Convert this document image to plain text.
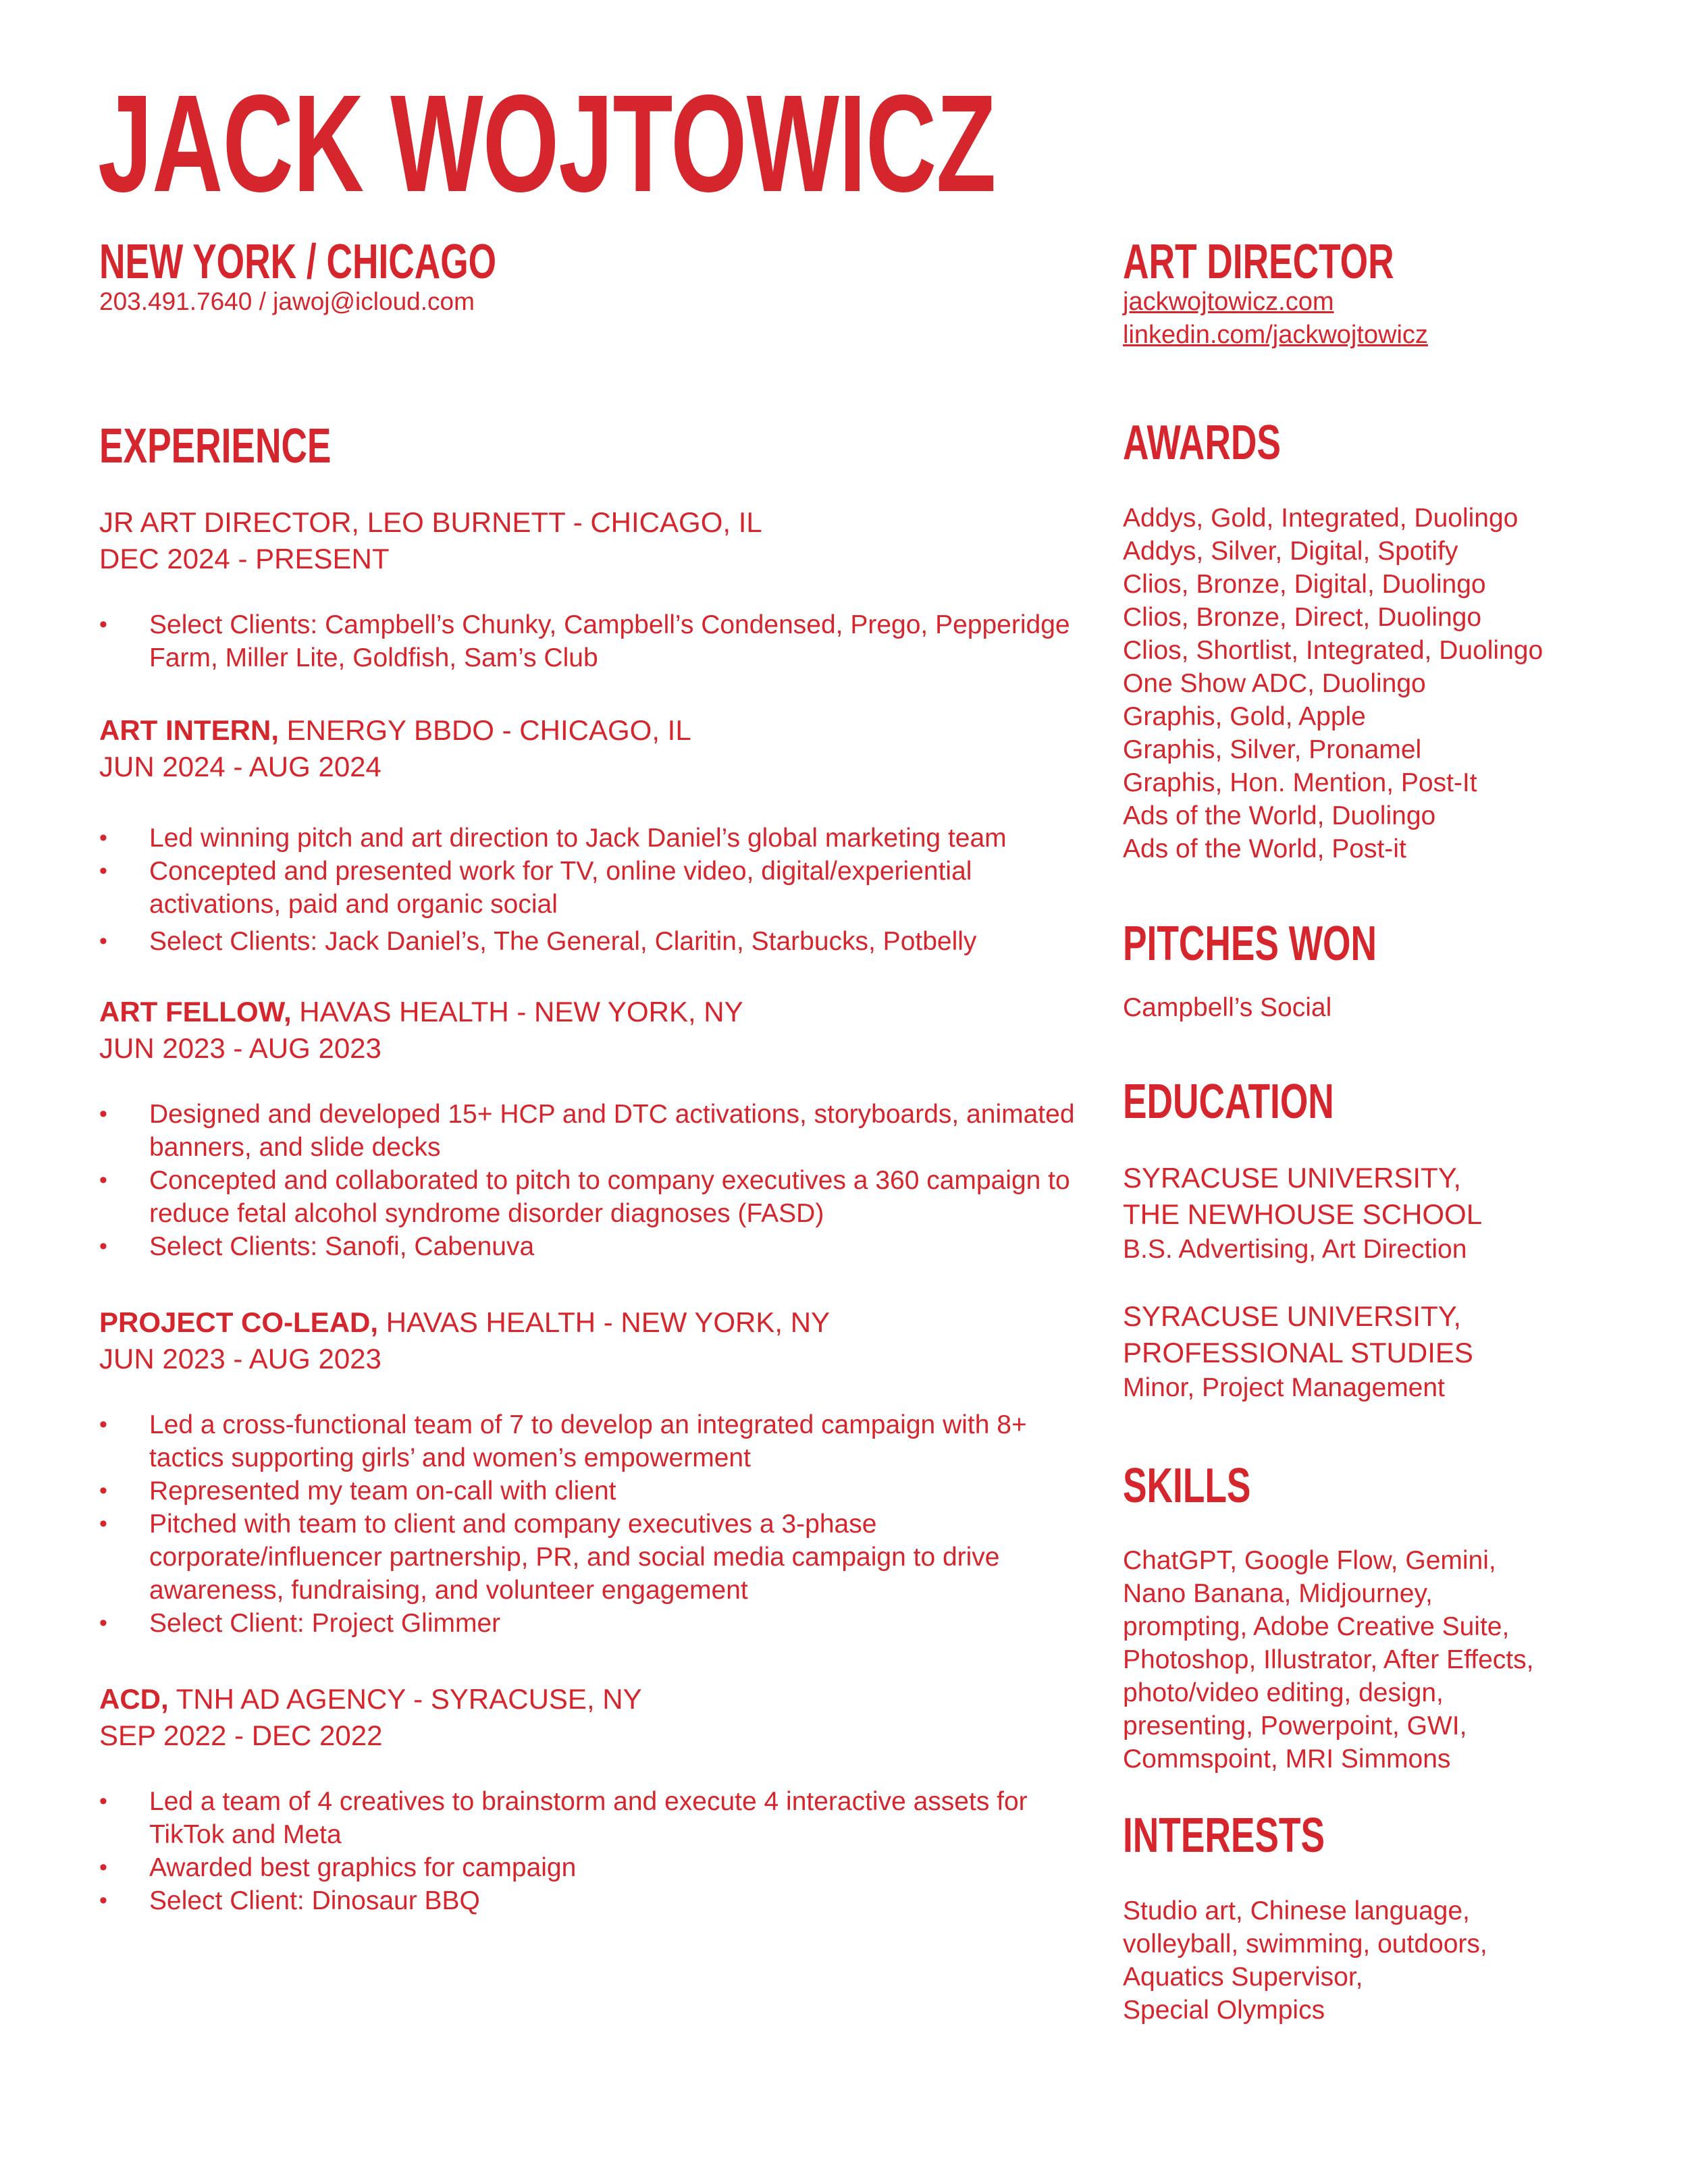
JACK WOJTOWICZ
NEW YORK / CHICAGO
203.491.7640 / jawoj@icloud.com
ART DIRECTOR
jackwojtowicz.com
linkedin.com/jackwojtowicz
EXPERIENCE
JR ART DIRECTOR, LEO BURNETT - CHICAGO, IL
DEC 2024 - PRESENT
• Select Clients: Campbell’s Chunky, Campbell’s Condensed, Prego, Pepperidge Farm, Miller Lite, Goldfish, Sam’s Club
ART INTERN, ENERGY BBDO - CHICAGO, IL
JUN 2024 - AUG 2024
• Led winning pitch and art direction to Jack Daniel’s global marketing team
• Concepted and presented work for TV, online video, digital/experiential activations, paid and organic social
• Select Clients: Jack Daniel’s, The General, Claritin, Starbucks, Potbelly
ART FELLOW, HAVAS HEALTH - NEW YORK, NY
JUN 2023 - AUG 2023
• Designed and developed 15+ HCP and DTC activations, storyboards, animated banners, and slide decks
• Concepted and collaborated to pitch to company executives a 360 campaign to reduce fetal alcohol syndrome disorder diagnoses (FASD)
• Select Clients: Sanofi, Cabenuva
PROJECT CO-LEAD, HAVAS HEALTH - NEW YORK, NY
JUN 2023 - AUG 2023
• Led a cross-functional team of 7 to develop an integrated campaign with 8+ tactics supporting girls’ and women’s empowerment
• Represented my team on-call with client
• Pitched with team to client and company executives a 3-phase corporate/influencer partnership, PR, and social media campaign to drive awareness, fundraising, and volunteer engagement
• Select Client: Project Glimmer
ACD, TNH AD AGENCY - SYRACUSE, NY
SEP 2022 - DEC 2022
• Led a team of 4 creatives to brainstorm and execute 4 interactive assets for TikTok and Meta
• Awarded best graphics for campaign
• Select Client: Dinosaur BBQ
AWARDS
Addys, Gold, Integrated, Duolingo
Addys, Silver, Digital, Spotify
Clios, Bronze, Digital, Duolingo
Clios, Bronze, Direct, Duolingo
Clios, Shortlist, Integrated, Duolingo
One Show ADC, Duolingo
Graphis, Gold, Apple
Graphis, Silver, Pronamel
Graphis, Hon. Mention, Post-It
Ads of the World, Duolingo
Ads of the World, Post-it
PITCHES WON
Campbell’s Social
EDUCATION
SYRACUSE UNIVERSITY,
THE NEWHOUSE SCHOOL
B.S. Advertising, Art Direction
SYRACUSE UNIVERSITY,
PROFESSIONAL STUDIES
Minor, Project Management
SKILLS
ChatGPT, Google Flow, Gemini,
Nano Banana, Midjourney,
prompting, Adobe Creative Suite,
Photoshop, Illustrator, After Effects,
photo/video editing, design,
presenting, Powerpoint, GWI,
Commspoint, MRI Simmons
INTERESTS
Studio art, Chinese language,
volleyball, swimming, outdoors,
Aquatics Supervisor,
Special Olympics
